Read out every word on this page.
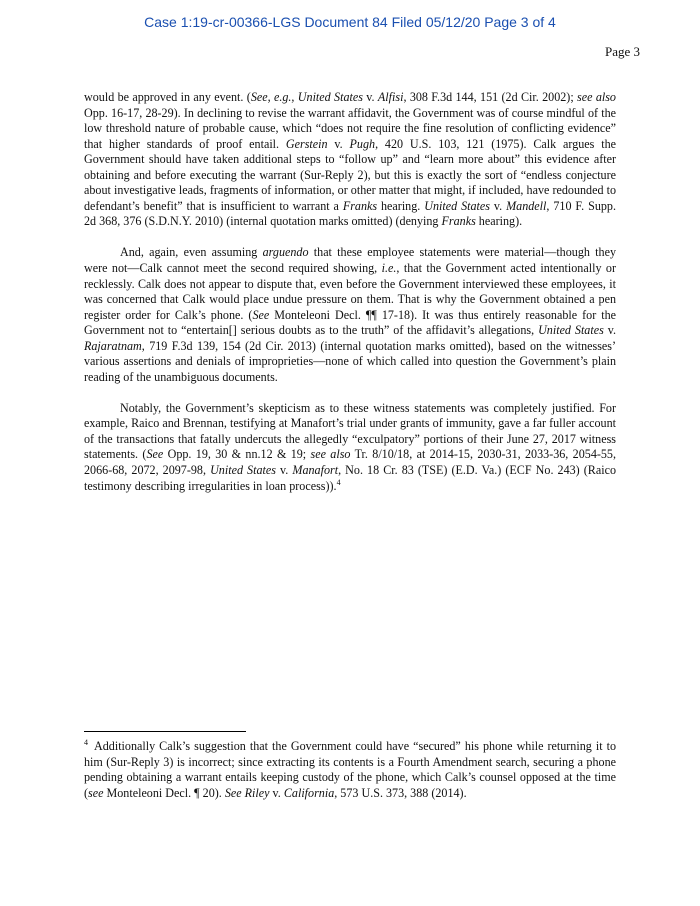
Case 1:19-cr-00366-LGS Document 84 Filed 05/12/20 Page 3 of 4
Page 3

would be approved in any event. (See, e.g., United States v. Alfisi, 308 F.3d 144, 151 (2d Cir. 2002); see also Opp. 16-17, 28-29). In declining to revise the warrant affidavit, the Government was of course mindful of the low threshold nature of probable cause, which “does not require the fine resolution of conflicting evidence” that higher standards of proof entail. Gerstein v. Pugh, 420 U.S. 103, 121 (1975). Calk argues the Government should have taken additional steps to “follow up” and “learn more about” this evidence after obtaining and before executing the warrant (Sur-Reply 2), but this is exactly the sort of “endless conjecture about investigative leads, fragments of information, or other matter that might, if included, have redounded to defendant’s benefit” that is insufficient to warrant a Franks hearing. United States v. Mandell, 710 F. Supp. 2d 368, 376 (S.D.N.Y. 2010) (internal quotation marks omitted) (denying Franks hearing).

And, again, even assuming arguendo that these employee statements were material—though they were not—Calk cannot meet the second required showing, i.e., that the Government acted intentionally or recklessly. Calk does not appear to dispute that, even before the Government interviewed these employees, it was concerned that Calk would place undue pressure on them. That is why the Government obtained a pen register order for Calk’s phone. (See Monteleoni Decl. ¶¶ 17-18). It was thus entirely reasonable for the Government not to “entertain[] serious doubts as to the truth” of the affidavit’s allegations, United States v. Rajaratnam, 719 F.3d 139, 154 (2d Cir. 2013) (internal quotation marks omitted), based on the witnesses’ various assertions and denials of improprieties—none of which called into question the Government’s plain reading of the unambiguous documents.

Notably, the Government’s skepticism as to these witness statements was completely justified. For example, Raico and Brennan, testifying at Manafort’s trial under grants of immunity, gave a far fuller account of the transactions that fatally undercuts the allegedly “exculpatory” portions of their June 27, 2017 witness statements. (See Opp. 19, 30 & nn.12 & 19; see also Tr. 8/10/18, at 2014-15, 2030-31, 2033-36, 2054-55, 2066-68, 2072, 2097-98, United States v. Manafort, No. 18 Cr. 83 (TSE) (E.D. Va.) (ECF No. 243) (Raico testimony describing irregularities in loan process)).$^4$

$^4$ Additionally Calk’s suggestion that the Government could have “secured” his phone while returning it to him (Sur-Reply 3) is incorrect; since extracting its contents is a Fourth Amendment search, securing a phone pending obtaining a warrant entails keeping custody of the phone, which Calk’s counsel opposed at the time (see Monteleoni Decl. ¶ 20). See Riley v. California, 573 U.S. 373, 388 (2014).
